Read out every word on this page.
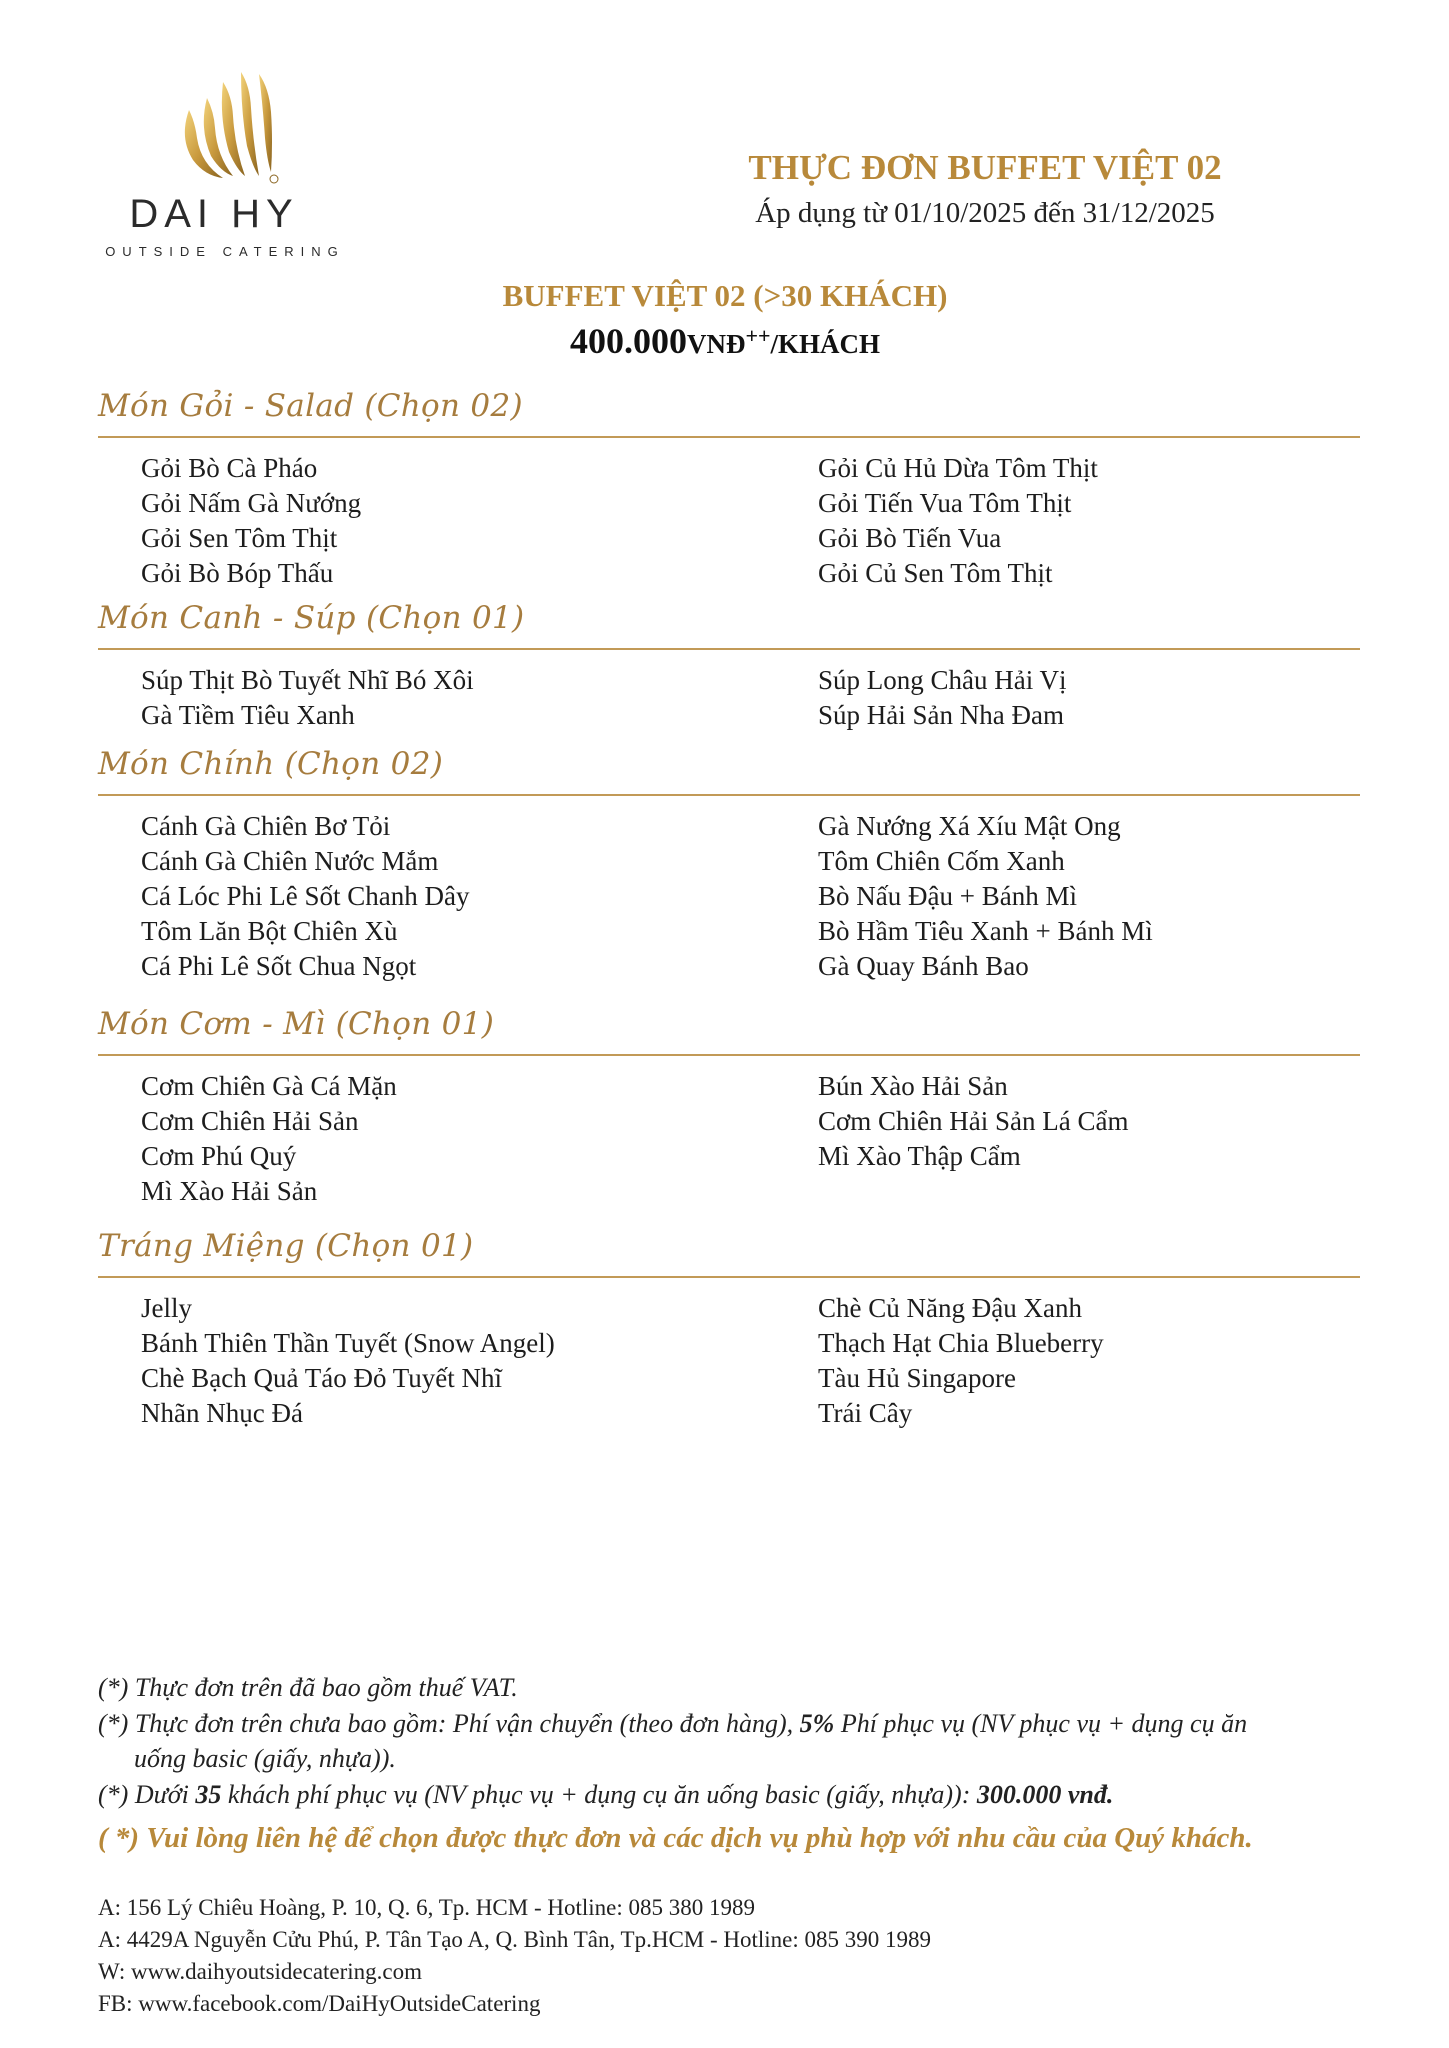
DAI HY
OUTSIDE CATERING
THỰC ĐƠN BUFFET VIỆT 02
Áp dụng từ 01/10/2025 đến 31/12/2025
BUFFET VIỆT 02 (>30 KHÁCH)
400.000VNĐ++/KHÁCH
Món Gỏi - Salad (Chọn 02)
Gỏi Bò Cà Pháo
Gỏi Nấm Gà Nướng
Gỏi Sen Tôm Thịt
Gỏi Bò Bóp Thấu
Gỏi Củ Hủ Dừa Tôm Thịt
Gỏi Tiến Vua Tôm Thịt
Gỏi Bò Tiến Vua
Gỏi Củ Sen Tôm Thịt
Món Canh - Súp (Chọn 01)
Súp Thịt Bò Tuyết Nhĩ Bó Xôi
Gà Tiềm Tiêu Xanh
Súp Long Châu Hải Vị
Súp Hải Sản Nha Đam
Món Chính (Chọn 02)
Cánh Gà Chiên Bơ Tỏi
Cánh Gà Chiên Nước Mắm
Cá Lóc Phi Lê Sốt Chanh Dây
Tôm Lăn Bột Chiên Xù
Cá Phi Lê Sốt Chua Ngọt
Gà Nướng Xá Xíu Mật Ong
Tôm Chiên Cốm Xanh
Bò Nấu Đậu + Bánh Mì
Bò Hầm Tiêu Xanh + Bánh Mì
Gà Quay Bánh Bao
Món Cơm - Mì (Chọn 01)
Cơm Chiên Gà Cá Mặn
Cơm Chiên Hải Sản
Cơm Phú Quý
Mì Xào Hải Sản
Bún Xào Hải Sản
Cơm Chiên Hải Sản Lá Cẩm
Mì Xào Thập Cẩm
Tráng Miệng (Chọn 01)
Jelly
Bánh Thiên Thần Tuyết (Snow Angel)
Chè Bạch Quả Táo Đỏ Tuyết Nhĩ
Nhãn Nhục Đá
Chè Củ Năng Đậu Xanh
Thạch Hạt Chia Blueberry
Tàu Hủ Singapore
Trái Cây
(*) Thực đơn trên đã bao gồm thuế VAT.
(*) Thực đơn trên chưa bao gồm: Phí vận chuyển (theo đơn hàng), 5% Phí phục vụ (NV phục vụ + dụng cụ ăn
uống basic (giấy, nhựa)).
(*) Dưới 35 khách phí phục vụ (NV phục vụ + dụng cụ ăn uống basic (giấy, nhựa)): 300.000 vnđ.
( *) Vui lòng liên hệ để chọn được thực đơn và các dịch vụ phù hợp với nhu cầu của Quý khách.
A: 156 Lý Chiêu Hoàng, P. 10, Q. 6, Tp. HCM - Hotline: 085 380 1989
A: 4429A Nguyễn Cửu Phú, P. Tân Tạo A, Q. Bình Tân, Tp.HCM - Hotline: 085 390 1989
W: www.daihyoutsidecatering.com
FB: www.facebook.com/DaiHyOutsideCatering
